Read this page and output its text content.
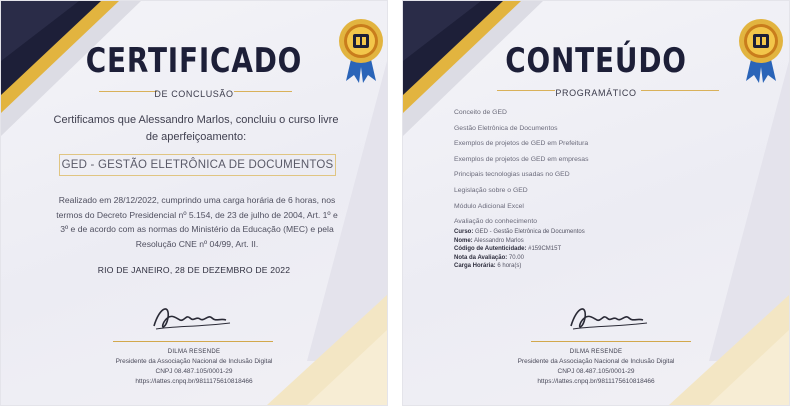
CERTIFICADO
DE CONCLUSÃO
Certificamos que Alessandro Marlos, concluiu o curso livre
de aperfeiçoamento:
GED - GESTÃO ELETRÔNICA DE DOCUMENTOS
Realizado em 28/12/2022, cumprindo uma carga horária de 6 horas, nos
termos do Decreto Presidencial nº 5.154, de 23 de julho de 2004, Art. 1º e
3º e de acordo com as normas do Ministério da Educação (MEC) e pela
Resolução CNE nº 04/99, Art. II.
RIO DE JANEIRO, 28 DE DEZEMBRO DE 2022
DILMA RESENDE
Presidente da Associação Nacional de Inclusão Digital
CNPJ 08.487.105/0001-29
https://lattes.cnpq.br/9811175610818466
CONTEÚDO
PROGRAMÁTICO
Conceito de GED
Gestão Eletrônica de Documentos
Exemplos de projetos de GED em Prefeitura
Exemplos de projetos de GED em empresas
Principais tecnologias usadas no GED
Legislação sobre o GED
Módulo Adicional Excel
Avaliação do conhecimento
Curso: GED - Gestão Eletrônica de Documentos
Nome: Alessandro Marlos
Código de Autenticidade: #159CM15T
Nota da Avaliação: 70.00
Carga Horária: 6 hora(s)
DILMA RESENDE
Presidente da Associação Nacional de Inclusão Digital
CNPJ 08.487.105/0001-29
https://lattes.cnpq.br/9811175610818466
